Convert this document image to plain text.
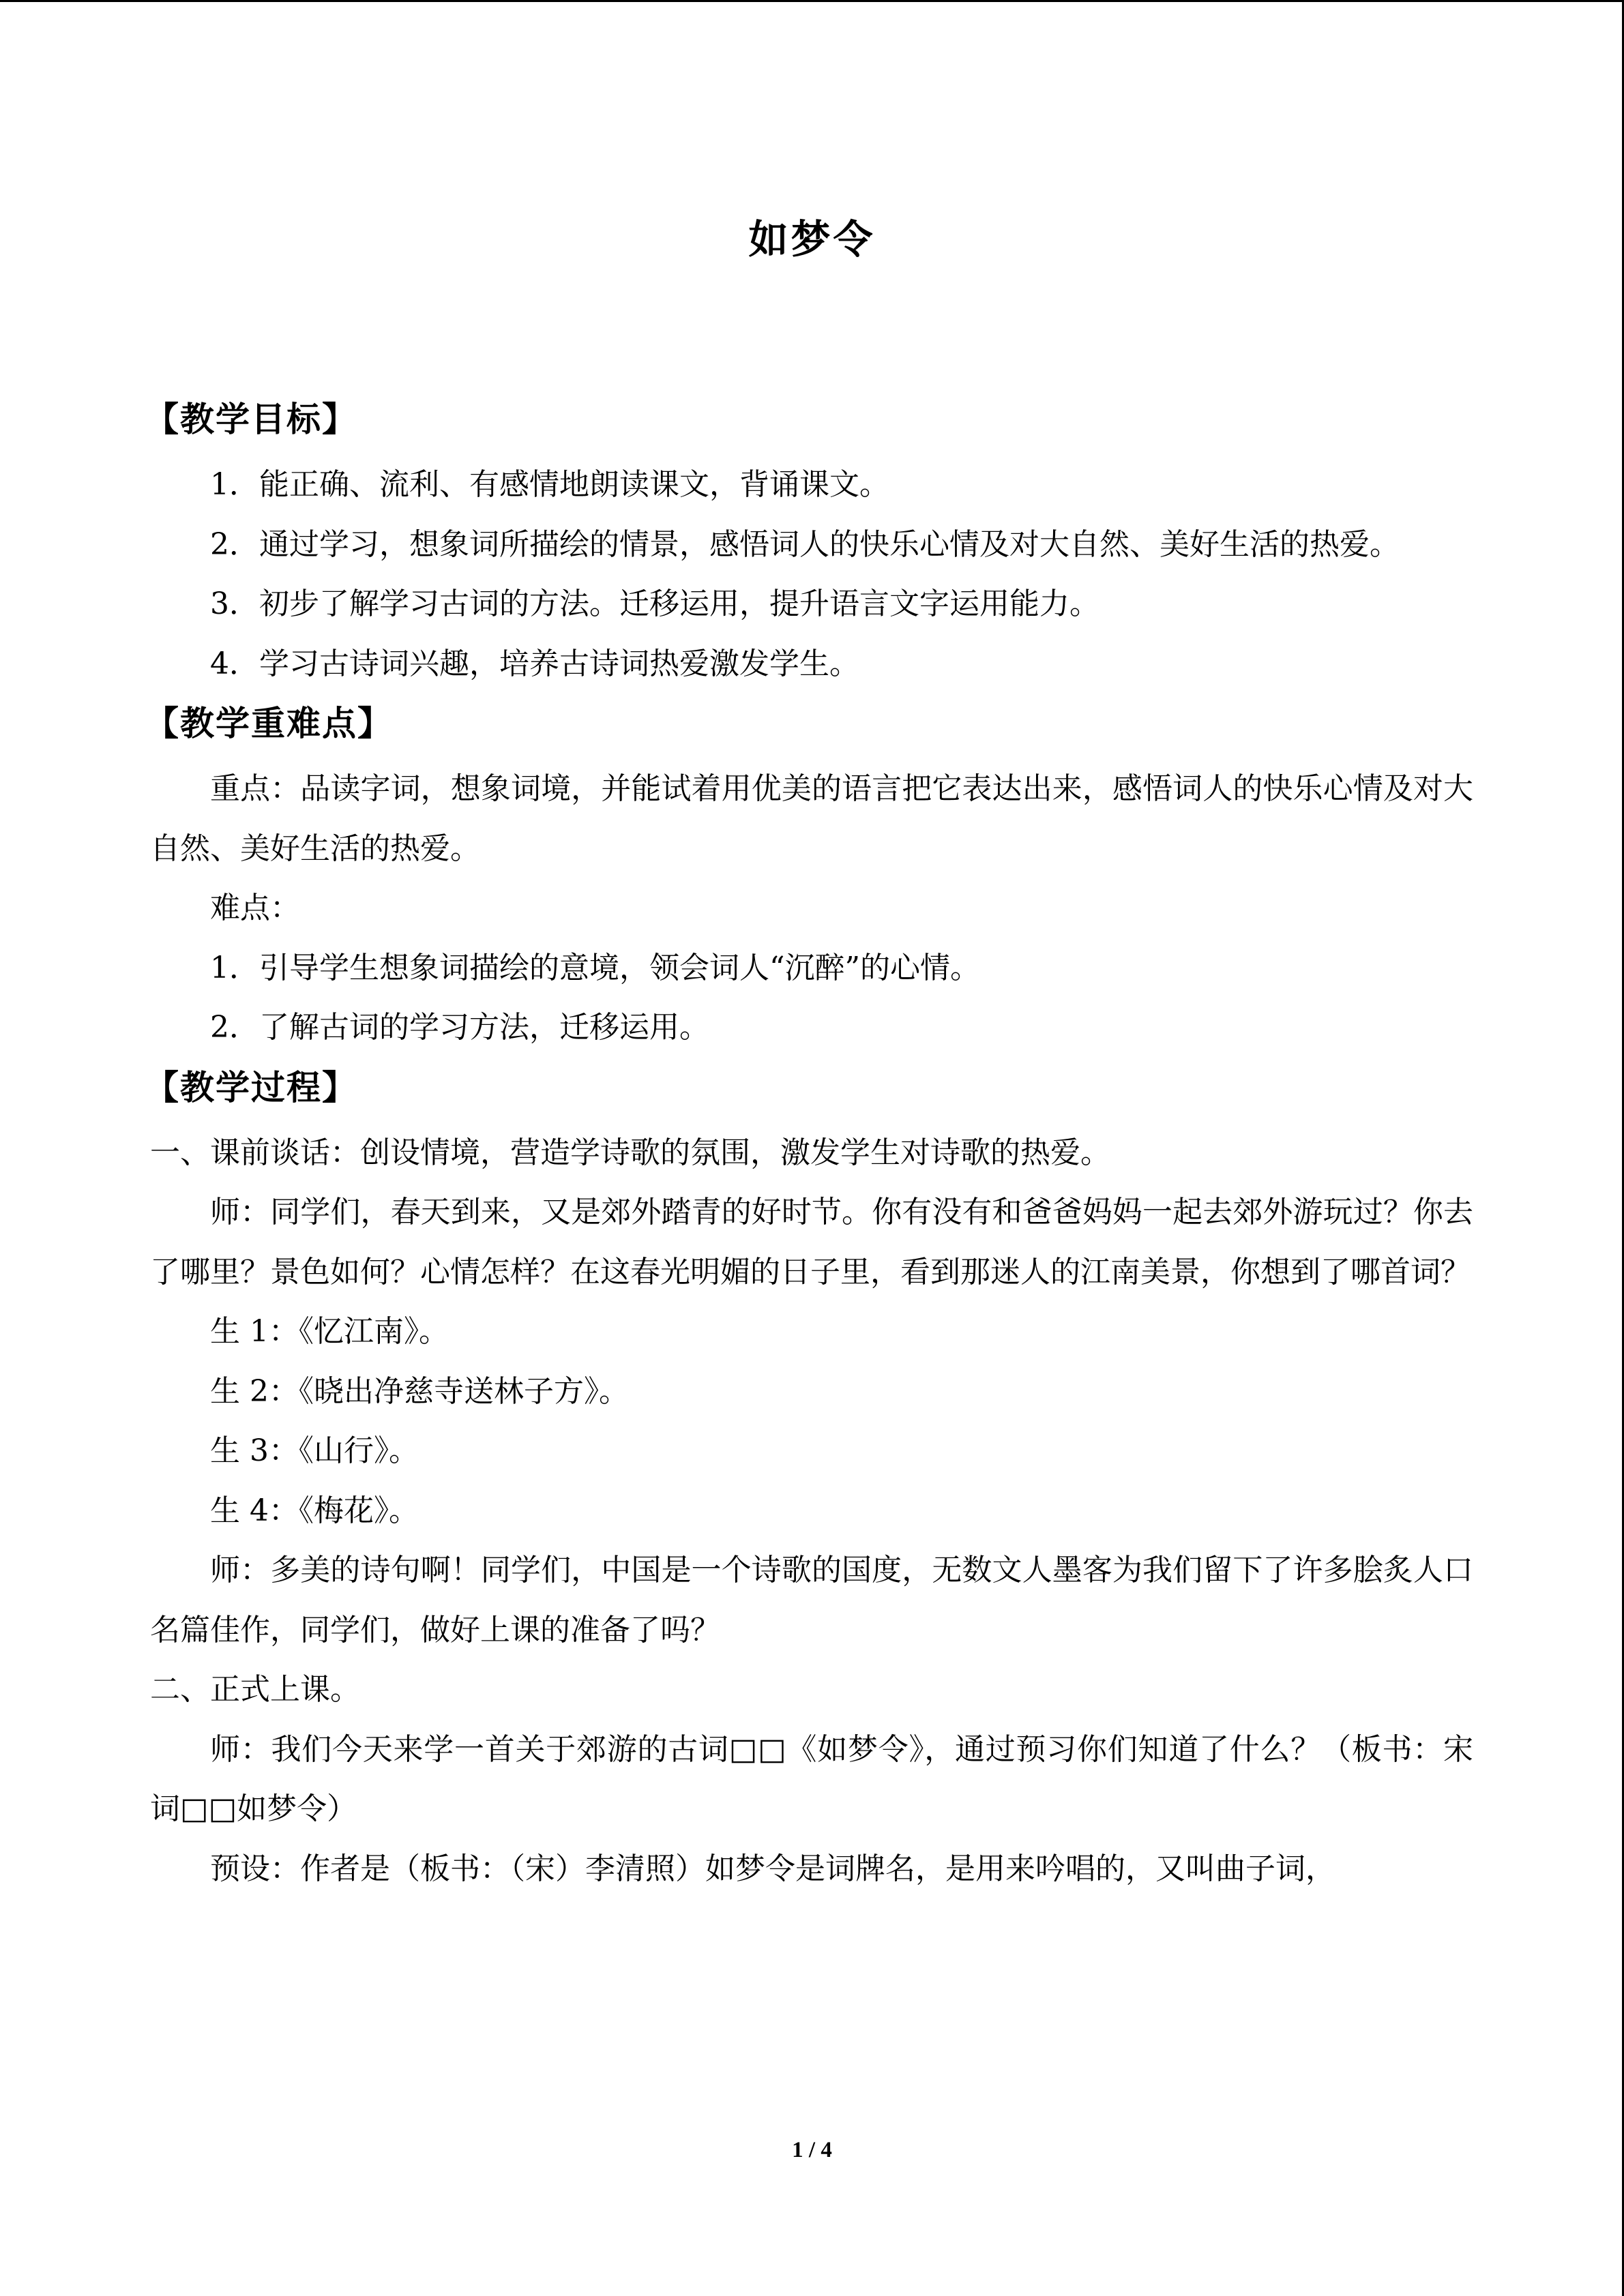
如梦令
【教学目标】

1．能正确、流利、有感情地朗读课文，背诵课文。

2．通过学习，想象词所描绘的情景，感悟词人的快乐心情及对大自然、美好生活的热爱。

3．初步了解学习古词的方法。迁移运用，提升语言文字运用能力。

4．学习古诗词兴趣，培养古诗词热爱激发学生。

【教学重难点】

重点：品读字词，想象词境，并能试着用优美的语言把它表达出来，感悟词人的快乐心情及对大自然、美好生活的热爱。

难点：

1．引导学生想象词描绘的意境，领会词人“沉醉”的心情。

2．了解古词的学习方法，迁移运用。

【教学过程】

一、课前谈话：创设情境，营造学诗歌的氛围，激发学生对诗歌的热爱。

师：同学们，春天到来，又是郊外踏青的好时节。你有没有和爸爸妈妈一起去郊外游玩过？你去了哪里？景色如何？心情怎样？在这春光明媚的日子里，看到那迷人的江南美景，你想到了哪首词？

生 1：《忆江南》。

生 2：《晓出净慈寺送林子方》。

生 3：《山行》。

生 4：《梅花》。

师：多美的诗句啊！同学们，中国是一个诗歌的国度，无数文人墨客为我们留下了许多脍炙人口名篇佳作，同学们，做好上课的准备了吗？

二、正式上课。

师：我们今天来学一首关于郊游的古词□□《如梦令》，通过预习你们知道了什么？（板书：宋词□□如梦令）

预设：作者是（板书：（宋）李清照）如梦令是词牌名，是用来吟唱的，又叫曲子词，

1 / 4
